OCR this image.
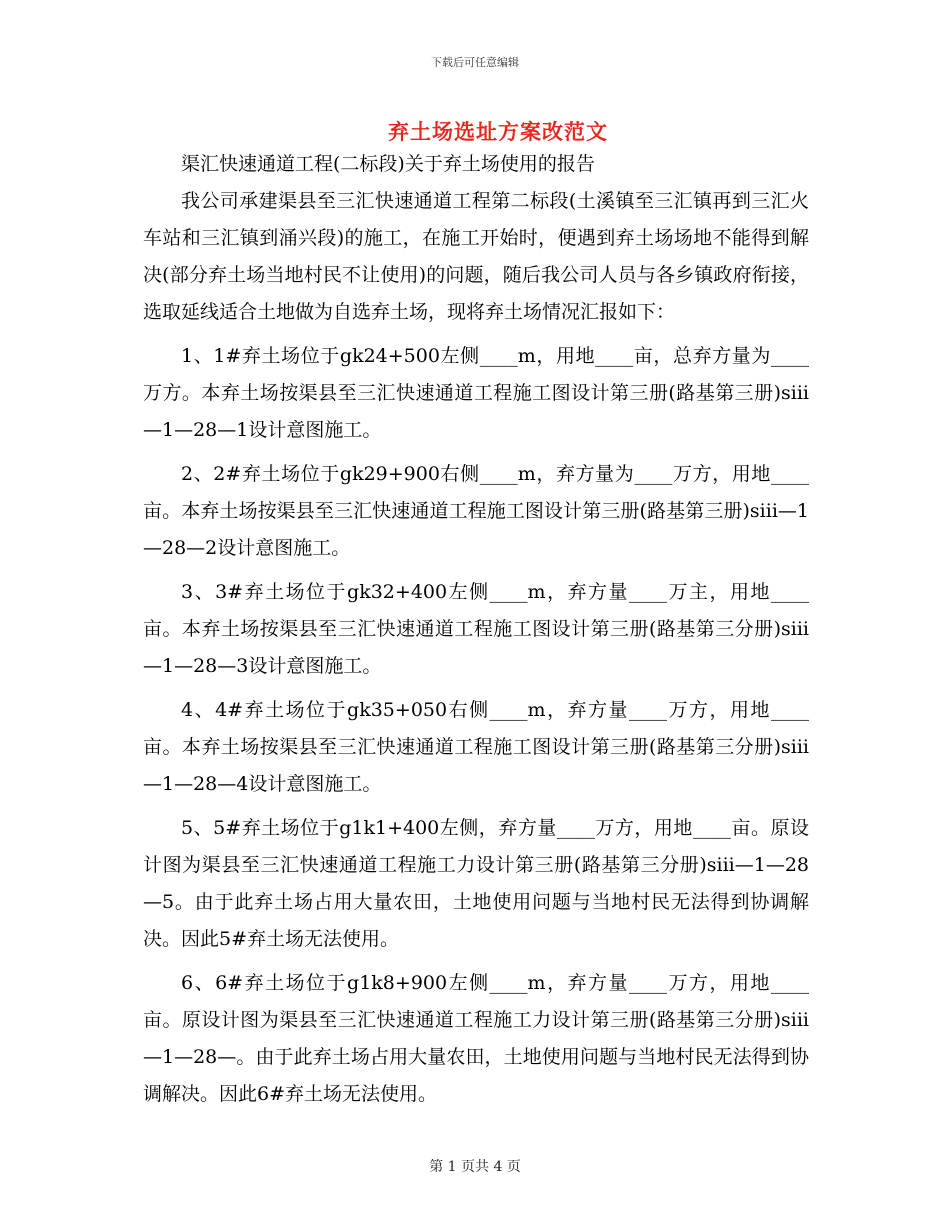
下载后可任意编辑
弃土场选址方案改范文

渠汇快速通道工程(二标段)关于弃土场使用的报告

我公司承建渠县至三汇快速通道工程第二标段(土溪镇至三汇镇再到三汇火车站和三汇镇到涌兴段)的施工，在施工开始时，便遇到弃土场场地不能得到解决(部分弃土场当地村民不让使用)的问题，随后我公司人员与各乡镇政府衔接，选取延线适合土地做为自选弃土场，现将弃土场情况汇报如下：

1、1#弃土场位于gk24+500左侧____m，用地____亩，总弃方量为____万方。本弃土场按渠县至三汇快速通道工程施工图设计第三册(路基第三册)siii—1—28—1设计意图施工。

2、2#弃土场位于gk29+900右侧____m，弃方量为____万方，用地____亩。本弃土场按渠县至三汇快速通道工程施工图设计第三册(路基第三册)siii—1—28—2设计意图施工。

3、3#弃土场位于gk32+400左侧____m，弃方量____万主，用地____亩。本弃土场按渠县至三汇快速通道工程施工图设计第三册(路基第三分册)siii—1—28—3设计意图施工。

4、4#弃土场位于gk35+050右侧____m，弃方量____万方，用地____亩。本弃土场按渠县至三汇快速通道工程施工图设计第三册(路基第三分册)siii—1—28—4设计意图施工。

5、5#弃土场位于g1k1+400左侧，弃方量____万方，用地____亩。原设计图为渠县至三汇快速通道工程施工力设计第三册(路基第三分册)siii—1—28—5。由于此弃土场占用大量农田，土地使用问题与当地村民无法得到协调解决。因此5#弃土场无法使用。

6、6#弃土场位于g1k8+900左侧____m，弃方量____万方，用地____亩。原设计图为渠县至三汇快速通道工程施工力设计第三册(路基第三分册)siii—1—28—。由于此弃土场占用大量农田，土地使用问题与当地村民无法得到协调解决。因此6#弃土场无法使用。

第 1 页共 4 页
